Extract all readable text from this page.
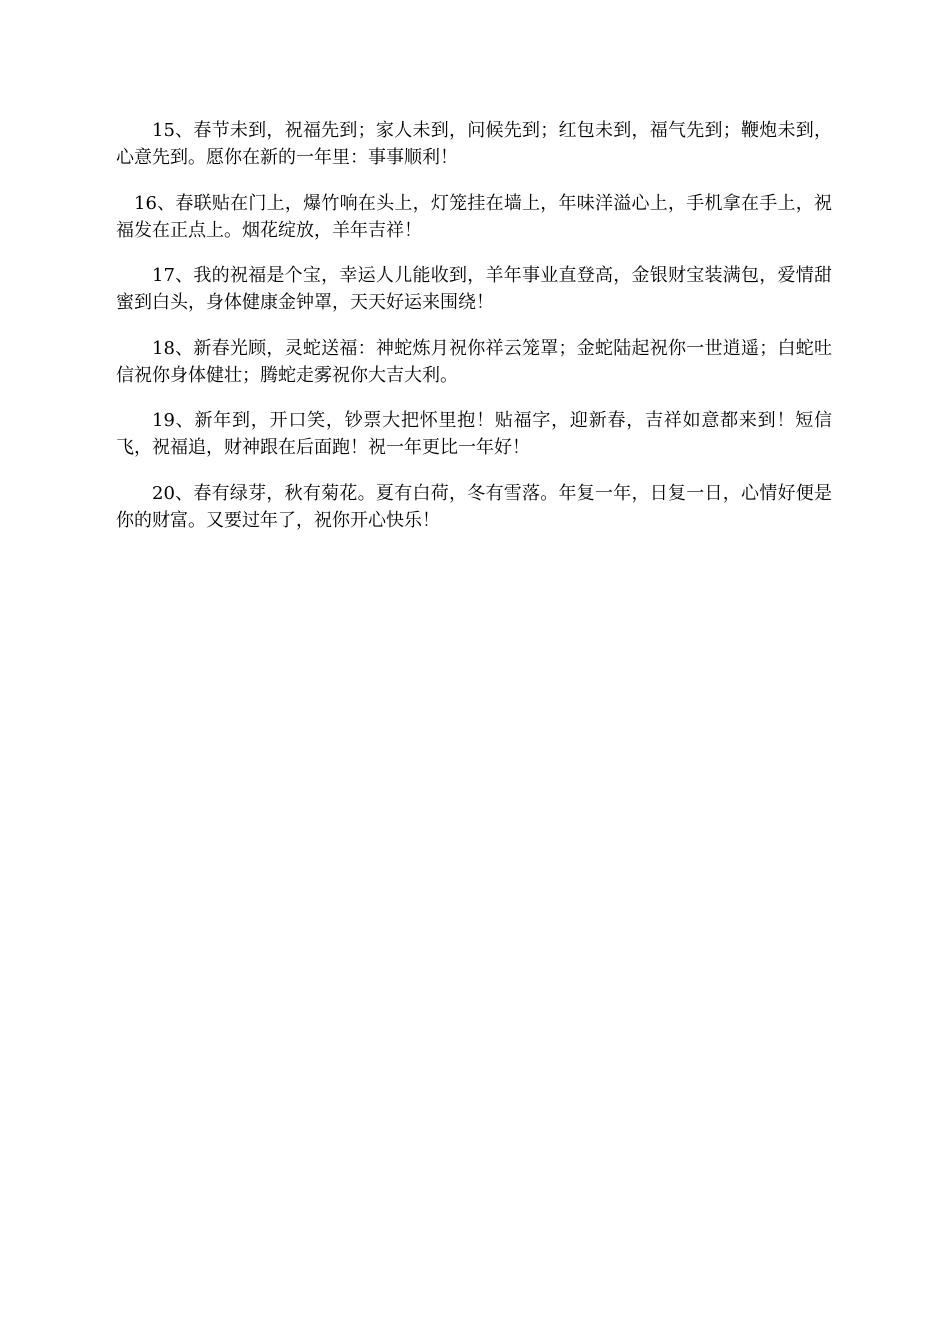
15、春节未到，祝福先到；家人未到，问候先到；红包未到，福气先到；鞭炮未到，心意先到。愿你在新的一年里：事事顺利！

16、春联贴在门上，爆竹响在头上，灯笼挂在墙上，年味洋溢心上，手机拿在手上，祝福发在正点上。烟花绽放，羊年吉祥！

17、我的祝福是个宝，幸运人儿能收到，羊年事业直登高，金银财宝装满包，爱情甜蜜到白头，身体健康金钟罩，天天好运来围绕！

18、新春光顾，灵蛇送福：神蛇炼月祝你祥云笼罩；金蛇陆起祝你一世逍遥；白蛇吐信祝你身体健壮；腾蛇走雾祝你大吉大利。

19、新年到，开口笑，钞票大把怀里抱！贴福字，迎新春，吉祥如意都来到！短信飞，祝福追，财神跟在后面跑！祝一年更比一年好！

20、春有绿芽，秋有菊花。夏有白荷，冬有雪落。年复一年，日复一日，心情好便是你的财富。又要过年了，祝你开心快乐！
